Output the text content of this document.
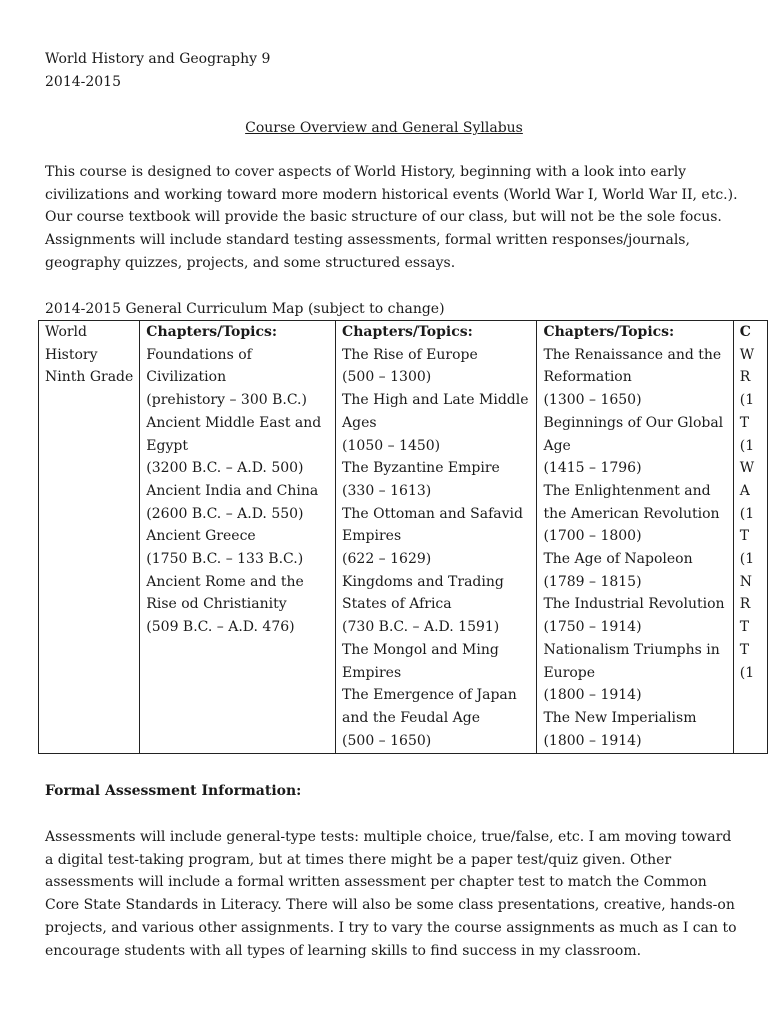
World History and Geography 9
2014-2015
Course Overview and General Syllabus
This course is designed to cover aspects of World History, beginning with a look into early
civilizations and working toward more modern historical events (World War I, World War II, etc.).
Our course textbook will provide the basic structure of our class, but will not be the sole focus.
Assignments will include standard testing assessments, formal written responses/journals,
geography quizzes, projects, and some structured essays.
2014-2015 General Curriculum Map (subject to change)
World
History
Ninth Grade

Chapters/Topics:
Foundations of
Civilization
(prehistory – 300 B.C.)
Ancient Middle East and
Egypt
(3200 B.C. – A.D. 500)
Ancient India and China
(2600 B.C. – A.D. 550)
Ancient Greece
(1750 B.C. – 133 B.C.)
Ancient Rome and the
Rise od Christianity
(509 B.C. – A.D. 476)

Chapters/Topics:
The Rise of Europe
(500 – 1300)
The High and Late Middle
Ages
(1050 – 1450)
The Byzantine Empire
(330 – 1613)
The Ottoman and Safavid
Empires
(622 – 1629)
Kingdoms and Trading
States of Africa
(730 B.C. – A.D. 1591)
The Mongol and Ming
Empires
The Emergence of Japan
and the Feudal Age
(500 – 1650)

Chapters/Topics:
The Renaissance and the
Reformation
(1300 – 1650)
Beginnings of Our Global
Age
(1415 – 1796)
The Enlightenment and
the American Revolution
(1700 – 1800)
The Age of Napoleon
(1789 – 1815)
The Industrial Revolution
(1750 – 1914)
Nationalism Triumphs in
Europe
(1800 – 1914)
The New Imperialism
(1800 – 1914)

C
W
R
(1
T
(1
W
A
(1
T
(1
N
R
T
T
(1
Formal Assessment Information:
Assessments will include general-type tests: multiple choice, true/false, etc. I am moving toward
a digital test-taking program, but at times there might be a paper test/quiz given. Other
assessments will include a formal written assessment per chapter test to match the Common
Core State Standards in Literacy. There will also be some class presentations, creative, hands-on
projects, and various other assignments. I try to vary the course assignments as much as I can to
encourage students with all types of learning skills to find success in my classroom.
